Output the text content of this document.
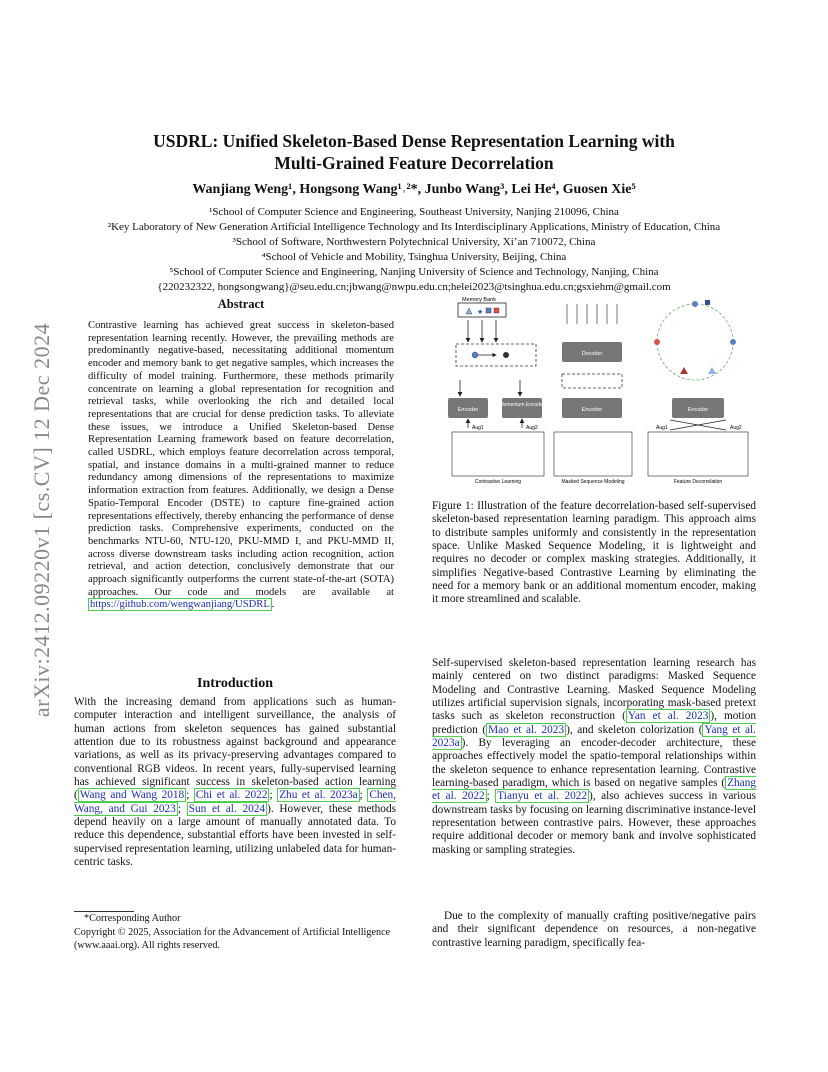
arXiv:2412.09220v1 [cs.CV] 12 Dec 2024
USDRL: Unified Skeleton-Based Dense Representation Learning with
Multi-Grained Feature Decorrelation
Wanjiang Weng¹, Hongsong Wang¹˒²*, Junbo Wang³, Lei He⁴, Guosen Xie⁵
¹School of Computer Science and Engineering, Southeast University, Nanjing 210096, China
²Key Laboratory of New Generation Artificial Intelligence Technology and Its Interdisciplinary Applications, Ministry of Education, China
³School of Software, Northwestern Polytechnical University, Xi’an 710072, China
⁴School of Vehicle and Mobility, Tsinghua University, Beijing, China
⁵School of Computer Science and Engineering, Nanjing University of Science and Technology, Nanjing, China
{220232322, hongsongwang}@seu.edu.cn;jbwang@nwpu.edu.cn;helei2023@tsinghua.edu.cn;gsxiehm@gmail.com
Abstract
Contrastive learning has achieved great success in skeleton-based representation learning recently. However, the prevailing methods are predominantly negative-based, necessitating additional momentum encoder and memory bank to get negative samples, which increases the difficulty of model training. Furthermore, these methods primarily concentrate on learning a global representation for recognition and retrieval tasks, while overlooking the rich and detailed local representations that are crucial for dense prediction tasks. To alleviate these issues, we introduce a Unified Skeleton-based Dense Representation Learning framework based on feature decorrelation, called USDRL, which employs feature decorrelation across temporal, spatial, and instance domains in a multi-grained manner to reduce redundancy among dimensions of the representations to maximize information extraction from features. Additionally, we design a Dense Spatio-Temporal Encoder (DSTE) to capture fine-grained action representations effectively, thereby enhancing the performance of dense prediction tasks. Comprehensive experiments, conducted on the benchmarks NTU-60, NTU-120, PKU-MMD I, and PKU-MMD II, across diverse downstream tasks including action recognition, action retrieval, and action detection, conclusively demonstrate that our approach significantly outperforms the current state-of-the-art (SOTA) approaches. Our code and models are available at https://github.com/wengwanjiang/USDRL .
Introduction
With the increasing demand from applications such as human-computer interaction and intelligent surveillance, the analysis of human actions from skeleton sequences has gained substantial attention due to its robustness against background and appearance variations, as well as its privacy-preserving advantages compared to conventional RGB videos. In recent years, fully-supervised learning has achieved significant success in skeleton-based action learning ( Wang and Wang 2018 ; Chi et al. 2022 ; Zhu et al. 2023a ; Chen, Wang, and Gui 2023 ; Sun et al. 2024 ). However, these methods depend heavily on a large amount of manually annotated data. To reduce this dependence, substantial efforts have been invested in self-supervised representation learning, utilizing unlabeled data for human-centric tasks.
*Corresponding Author
Copyright © 2025, Association for the Advancement of Artificial Intelligence (www.aaai.org). All rights reserved.
Memory Bank
★
Encoder
Momentum Encoder
Aug1	Aug2
Contrastive Learning
Decoder
Encoder
Masked Sequence Modeling
Encoder
Aug1	Aug2
Feature Decorrelation
Figure 1: Illustration of the feature decorrelation-based self-supervised skeleton-based representation learning paradigm. This approach aims to distribute samples uniformly and consistently in the representation space. Unlike Masked Sequence Modeling, it is lightweight and requires no decoder or complex masking strategies. Additionally, it simplifies Negative-based Contrastive Learning by eliminating the need for a memory bank or an additional momentum encoder, making it more streamlined and scalable.
Self-supervised skeleton-based representation learning research has mainly centered on two distinct paradigms: Masked Sequence Modeling and Contrastive Learning. Masked Sequence Modeling utilizes artificial supervision signals, incorporating mask-based pretext tasks such as skeleton reconstruction ( Yan et al. 2023 ), motion prediction ( Mao et al. 2023 ), and skeleton colorization ( Yang et al. 2023a ). By leveraging an encoder-decoder architecture, these approaches effectively model the spatio-temporal relationships within the skeleton sequence to enhance representation learning. Contrastive learning-based paradigm, which is based on negative samples ( Zhang et al. 2022 ; Tianyu et al. 2022 ), also achieves success in various downstream tasks by focusing on learning discriminative instance-level representation between contrastive pairs. However, these approaches require additional decoder or memory bank and involve sophisticated masking or sampling strategies.
Due to the complexity of manually crafting positive/negative pairs and their significant dependence on resources, a non-negative contrastive learning paradigm, specifically fea-
